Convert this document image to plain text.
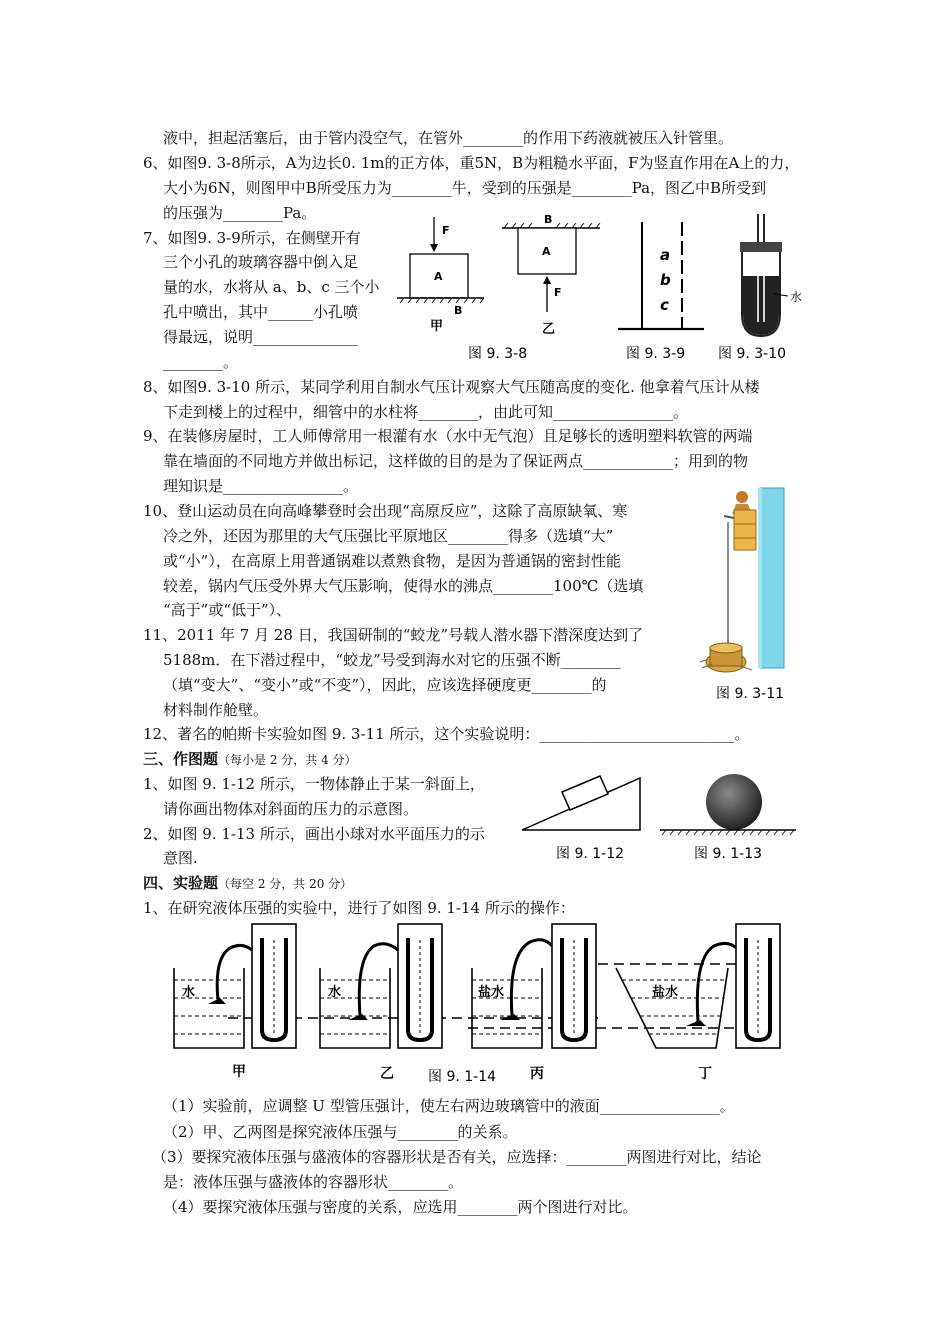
液中，担起活塞后，由于管内没空气，在管外________的作用下药液就被压入针管里。
6、如图9. 3-8所示，A为边长0. 1m的正方体，重5N，B为粗糙水平面，F为竖直作用在A上的力，
大小为6N，则图甲中B所受压力为________牛，受到的压强是________Pa，图乙中B所受到
的压强为________Pa。
7、如图9. 3-9所示，在侧壁开有
三个小孔的玻璃容器中倒入足
量的水，水将从 a、b、c 三个小
孔中喷出，其中______小孔喷
得最远，说明______________
________。
8、如图9. 3-10 所示，某同学利用自制水气压计观察大气压随高度的变化. 他拿着气压计从楼
下走到楼上的过程中，细管中的水柱将________，由此可知________________。
9、在装修房屋时，工人师傅常用一根灌有水（水中无气泡）且足够长的透明塑料软管的两端
靠在墙面的不同地方并做出标记，这样做的目的是为了保证两点____________；用到的物
理知识是________________。
10、登山运动员在向高峰攀登时会出现“高原反应”，这除了高原缺氧、寒
冷之外，还因为那里的大气压强比平原地区________得多（选填“大”
或“小”），在高原上用普通锅难以煮熟食物，是因为普通锅的密封性能
较差，锅内气压受外界大气压影响，使得水的沸点________100℃（选填
“高于”或“低于”）、
11、2011 年 7 月 28 日，我国研制的“蛟龙”号载人潜水器下潜深度达到了
5188m．在下潜过程中，“蛟龙”号受到海水对它的压强不断________
（填“变大”、“变小”或“不变”），因此，应该选择硬度更________的
材料制作舱壁。
12、著名的帕斯卡实验如图 9. 3-11 所示，这个实验说明：__________________________。
三、作图题（每小是 2 分，共 4 分）
1、如图 9. 1-12 所示，一物体静止于某一斜面上，
请你画出物体对斜面的压力的示意图。
2、如图 9. 1-13 所示，画出小球对水平面压力的示
意图.
四、实验题（每空 2 分，共 20 分）
1、在研究液体压强的实验中，进行了如图 9. 1-14 所示的操作：
（1）实验前，应调整 U 型管压强计，使左右两边玻璃管中的液面________________。
（2）甲、乙两图是探究液体压强与________的关系。
（3）要探究液体压强与盛液体的容器形状是否有关，应选择：________两图进行对比，结论
是：液体压强与盛液体的容器形状________。
（4）要探究液体压强与密度的关系，应选用________两个图进行对比。
F
A
B
甲
B
A
F
乙
图 9. 3-8
a
b
c
图 9. 3-9
水
图 9. 3-10
图 9. 3-11
图 9. 1-12	图 9. 1-13
水
甲
水
乙
盐水
丙
盐水
丁
图 9. 1-14
